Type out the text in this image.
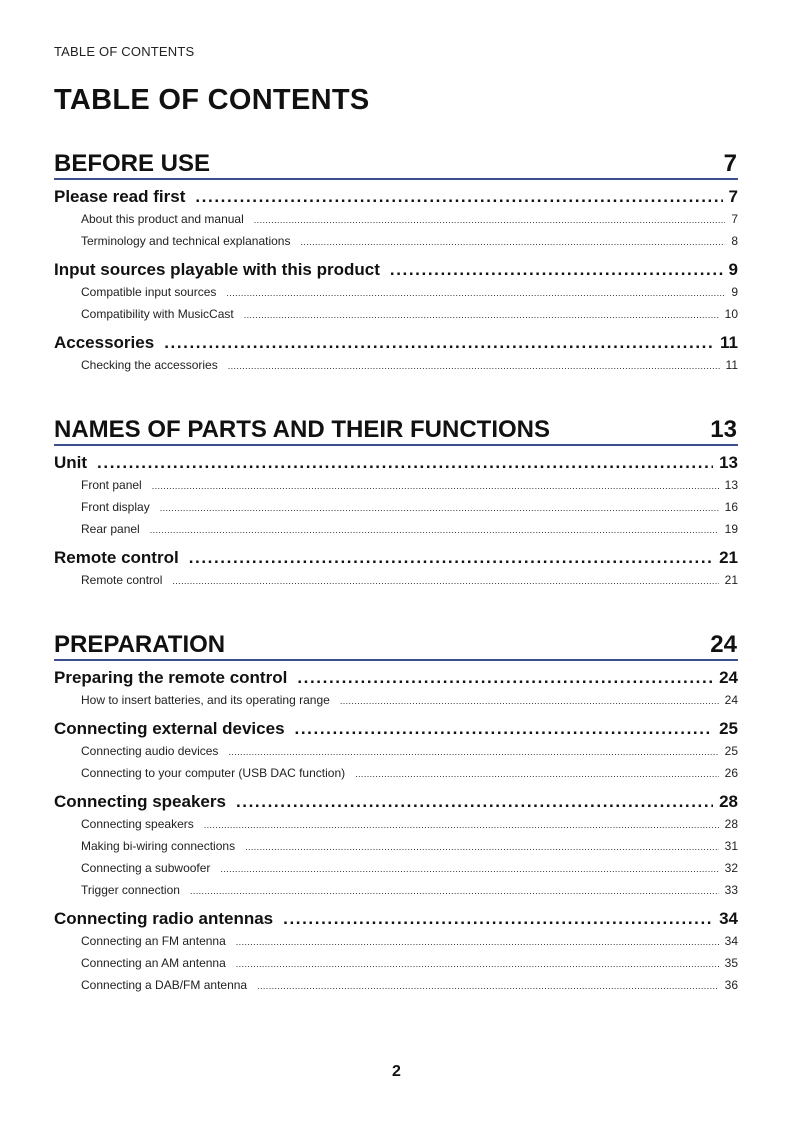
TABLE OF CONTENTS
TABLE OF CONTENTS
BEFORE USE	7
Please read first .....	7
About this product and manual .....	7
Terminology and technical explanations .....	8
Input sources playable with this product .....	9
Compatible input sources .....	9
Compatibility with MusicCast .....	10
Accessories .....	11
Checking the accessories .....	11
NAMES OF PARTS AND THEIR FUNCTIONS	13
Unit .....	13
Front panel .....	13
Front display .....	16
Rear panel .....	19
Remote control .....	21
Remote control .....	21
PREPARATION	24
Preparing the remote control .....	24
How to insert batteries, and its operating range .....	24
Connecting external devices .....	25
Connecting audio devices .....	25
Connecting to your computer (USB DAC function) .....	26
Connecting speakers .....	28
Connecting speakers .....	28
Making bi-wiring connections .....	31
Connecting a subwoofer .....	32
Trigger connection .....	33
Connecting radio antennas .....	34
Connecting an FM antenna .....	34
Connecting an AM antenna .....	35
Connecting a DAB/FM antenna .....	36
2
